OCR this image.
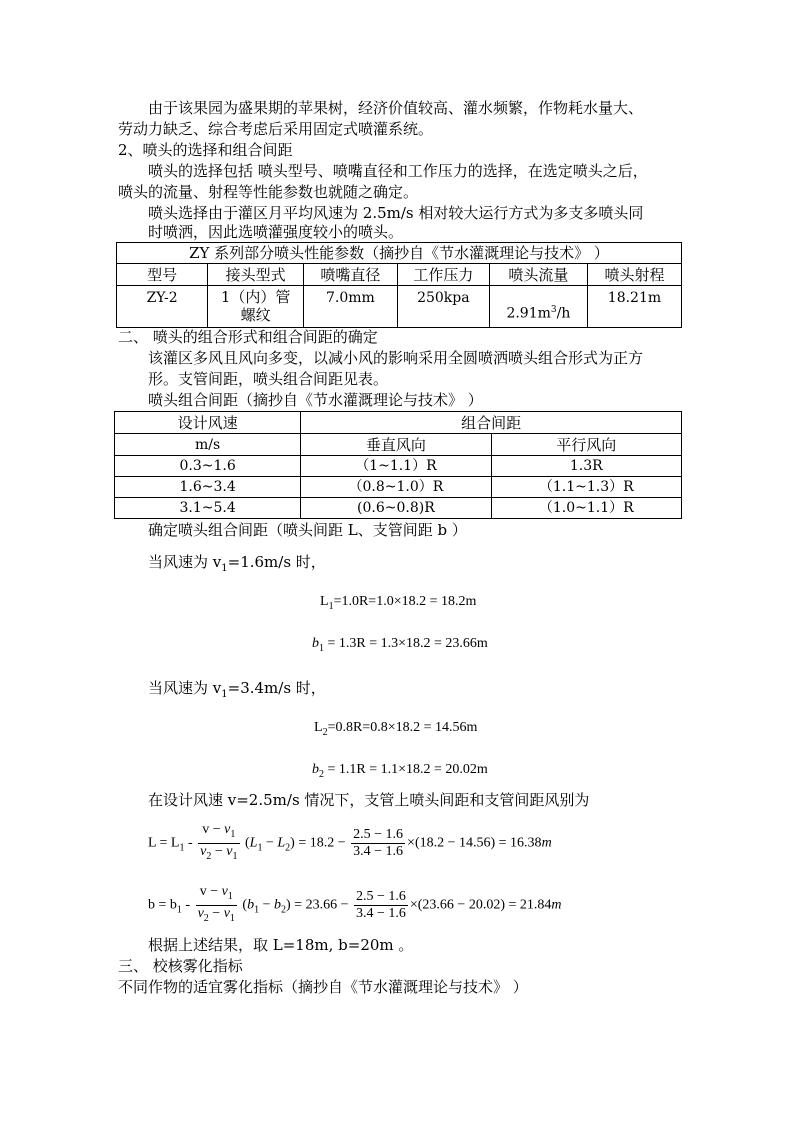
由于该果园为盛果期的苹果树，经济价值较高、灌水频繁，作物耗水量大、
劳动力缺乏、综合考虑后采用固定式喷灌系统。
2、喷头的选择和组合间距
喷头的选择包括 喷头型号、喷嘴直径和工作压力的选择，在选定喷头之后，
喷头的流量、射程等性能参数也就随之确定。
喷头选择由于灌区月平均风速为 2.5m/s 相对较大运行方式为多支多喷头同
时喷洒，因此选喷灌强度较小的喷头。
ZY 系列部分喷头性能参数（摘抄自《节水灌溉理论与技术》 ）					
型号	接头型式	喷嘴直径	工作压力	喷头流量	喷头射程
ZY-2	1（内）管
螺纹	7.0mm	250kpa	$2.91m^3/h$	18.21m
二、 喷头的组合形式和组合间距的确定
该灌区多风且风向多变，以减小风的影响采用全圆喷洒喷头组合形式为正方
形。支管间距，喷头组合间距见表。
喷头组合间距（摘抄自《节水灌溉理论与技术》 ）
设计风速	组合间距	
m/s	垂直风向	平行风向
0.3~1.6	（1~1.1）R	1.3R
1.6~3.4	（0.8~1.0）R	（1.1~1.3）R
3.1~5.4	(0.6~0.8)R	（1.0~1.1）R
确定喷头组合间距（喷头间距 L、支管间距 b ）
当风速为 $v_1=1.6m/s$ 时，
$L_1=1.0R=1.0\times 18.2 = 18.2m$
$b_1 = 1.3R = 1.3\times 18.2 = 23.66m$
当风速为 $v_1=3.4m/s$ 时，
$L_2=0.8R=0.8\times 18.2 = 14.56m$
$b_2 = 1.1R = 1.1\times 18.2 = 20.02m$
在设计风速 v=2.5m/s 情况下，支管上喷头间距和支管间距风别为
$L = L_1 - \frac{v - v_1}{v_2 - v_1} (L_1 - L_2) = 18.2 - \frac{2.5 - 1.6}{3.4 - 1.6} \times(18.2 - 14.56) = 16.38m$
$b = b_1 - \frac{v - v_1}{v_2 - v_1} (b_1 - b_2) = 23.66 - \frac{2.5 - 1.6}{3.4 - 1.6} \times(23.66 - 20.02) = 21.84m$
根据上述结果，取 L=18m, b=20m 。
三、 校核雾化指标
不同作物的适宜雾化指标（摘抄自《节水灌溉理论与技术》 ）
